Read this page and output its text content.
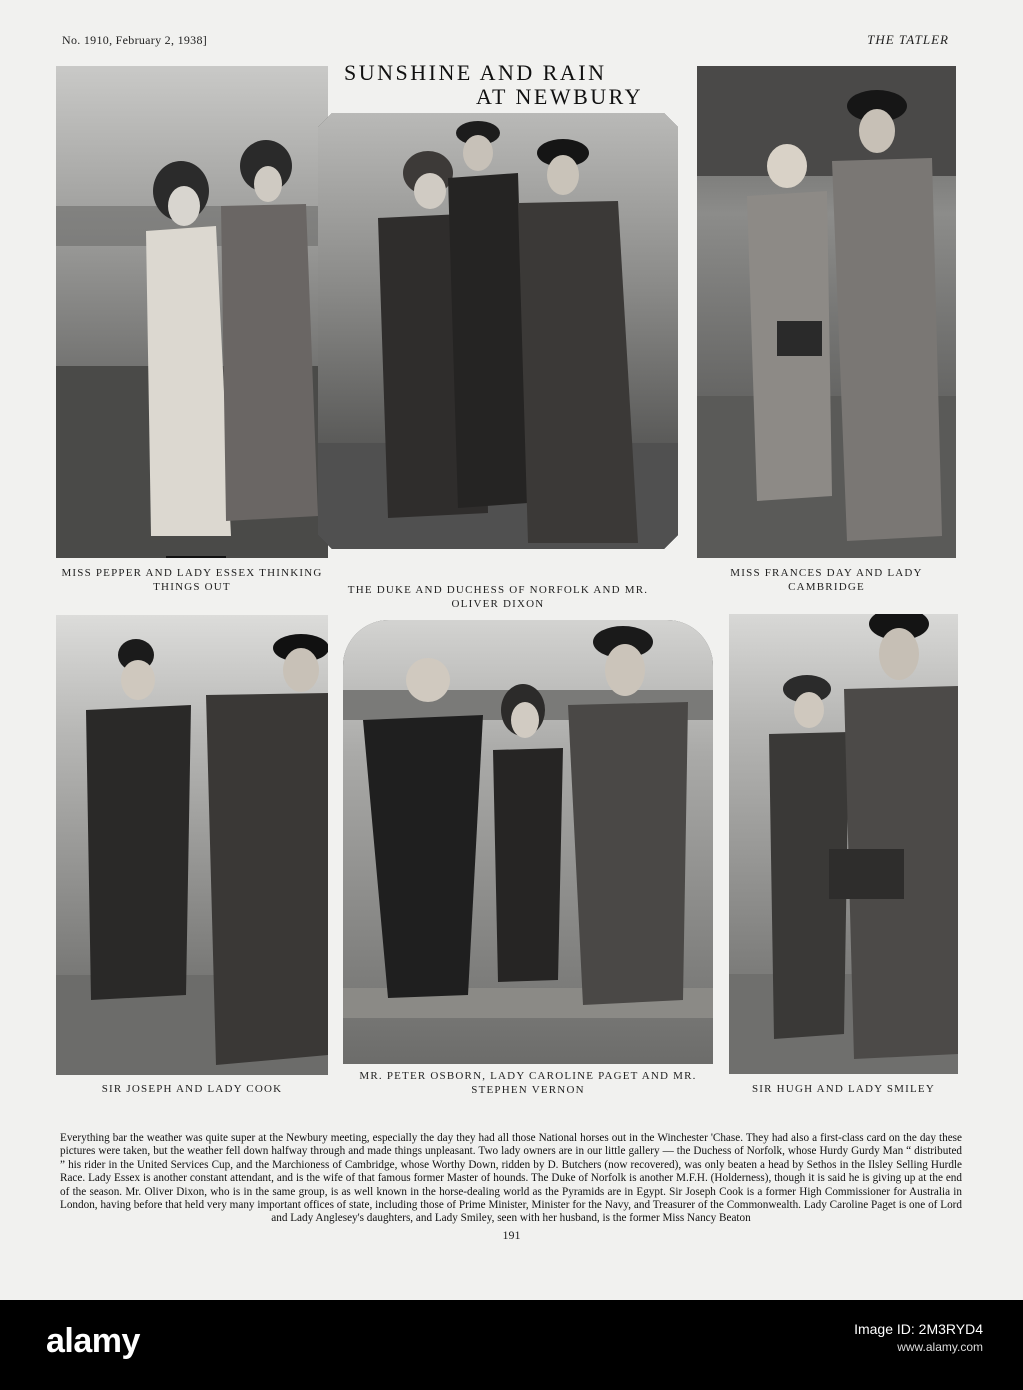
No. 1910, February 2, 1938]	THE TATLER
SUNSHINE AND RAIN
AT NEWBURY
MISS PEPPER AND LADY ESSEX THINKING THINGS OUT	THE DUKE AND DUCHESS OF NORFOLK AND MR. OLIVER DIXON
MISS FRANCES DAY AND LADY CAMBRIDGE
SIR JOSEPH AND LADY COOK
MR. PETER OSBORN, LADY CAROLINE PAGET AND MR. STEPHEN VERNON	SIR HUGH AND LADY SMILEY
Everything bar the weather was quite super at the Newbury meeting, especially the day they had all those National horses out in the Winchester 'Chase. They had also a first-class card on the day these pictures were taken, but the weather fell down halfway through and made things unpleasant. Two lady owners are in our little gallery — the Duchess of Norfolk, whose Hurdy Gurdy Man “ distributed ” his rider in the United Services Cup, and the Marchioness of Cambridge, whose Worthy Down, ridden by D. Butchers (now recovered), was only beaten a head by Sethos in the Ilsley Selling Hurdle Race. Lady Essex is another constant attendant, and is the wife of that famous former Master of hounds. The Duke of Norfolk is another M.F.H. (Holderness), though it is said he is giving up at the end of the season. Mr. Oliver Dixon, who is in the same group, is as well known in the horse-dealing world as the Pyramids are in Egypt. Sir Joseph Cook is a former High Commissioner for Australia in London, having before that held very many important offices of state, including those of Prime Minister, Minister for the Navy, and Treasurer of the Commonwealth. Lady Caroline Paget is one of Lord and Lady Anglesey's daughters, and Lady Smiley, seen with her husband, is the former Miss Nancy Beaton
191
alamy	Image ID: 2M3RYD4
www.alamy.com
